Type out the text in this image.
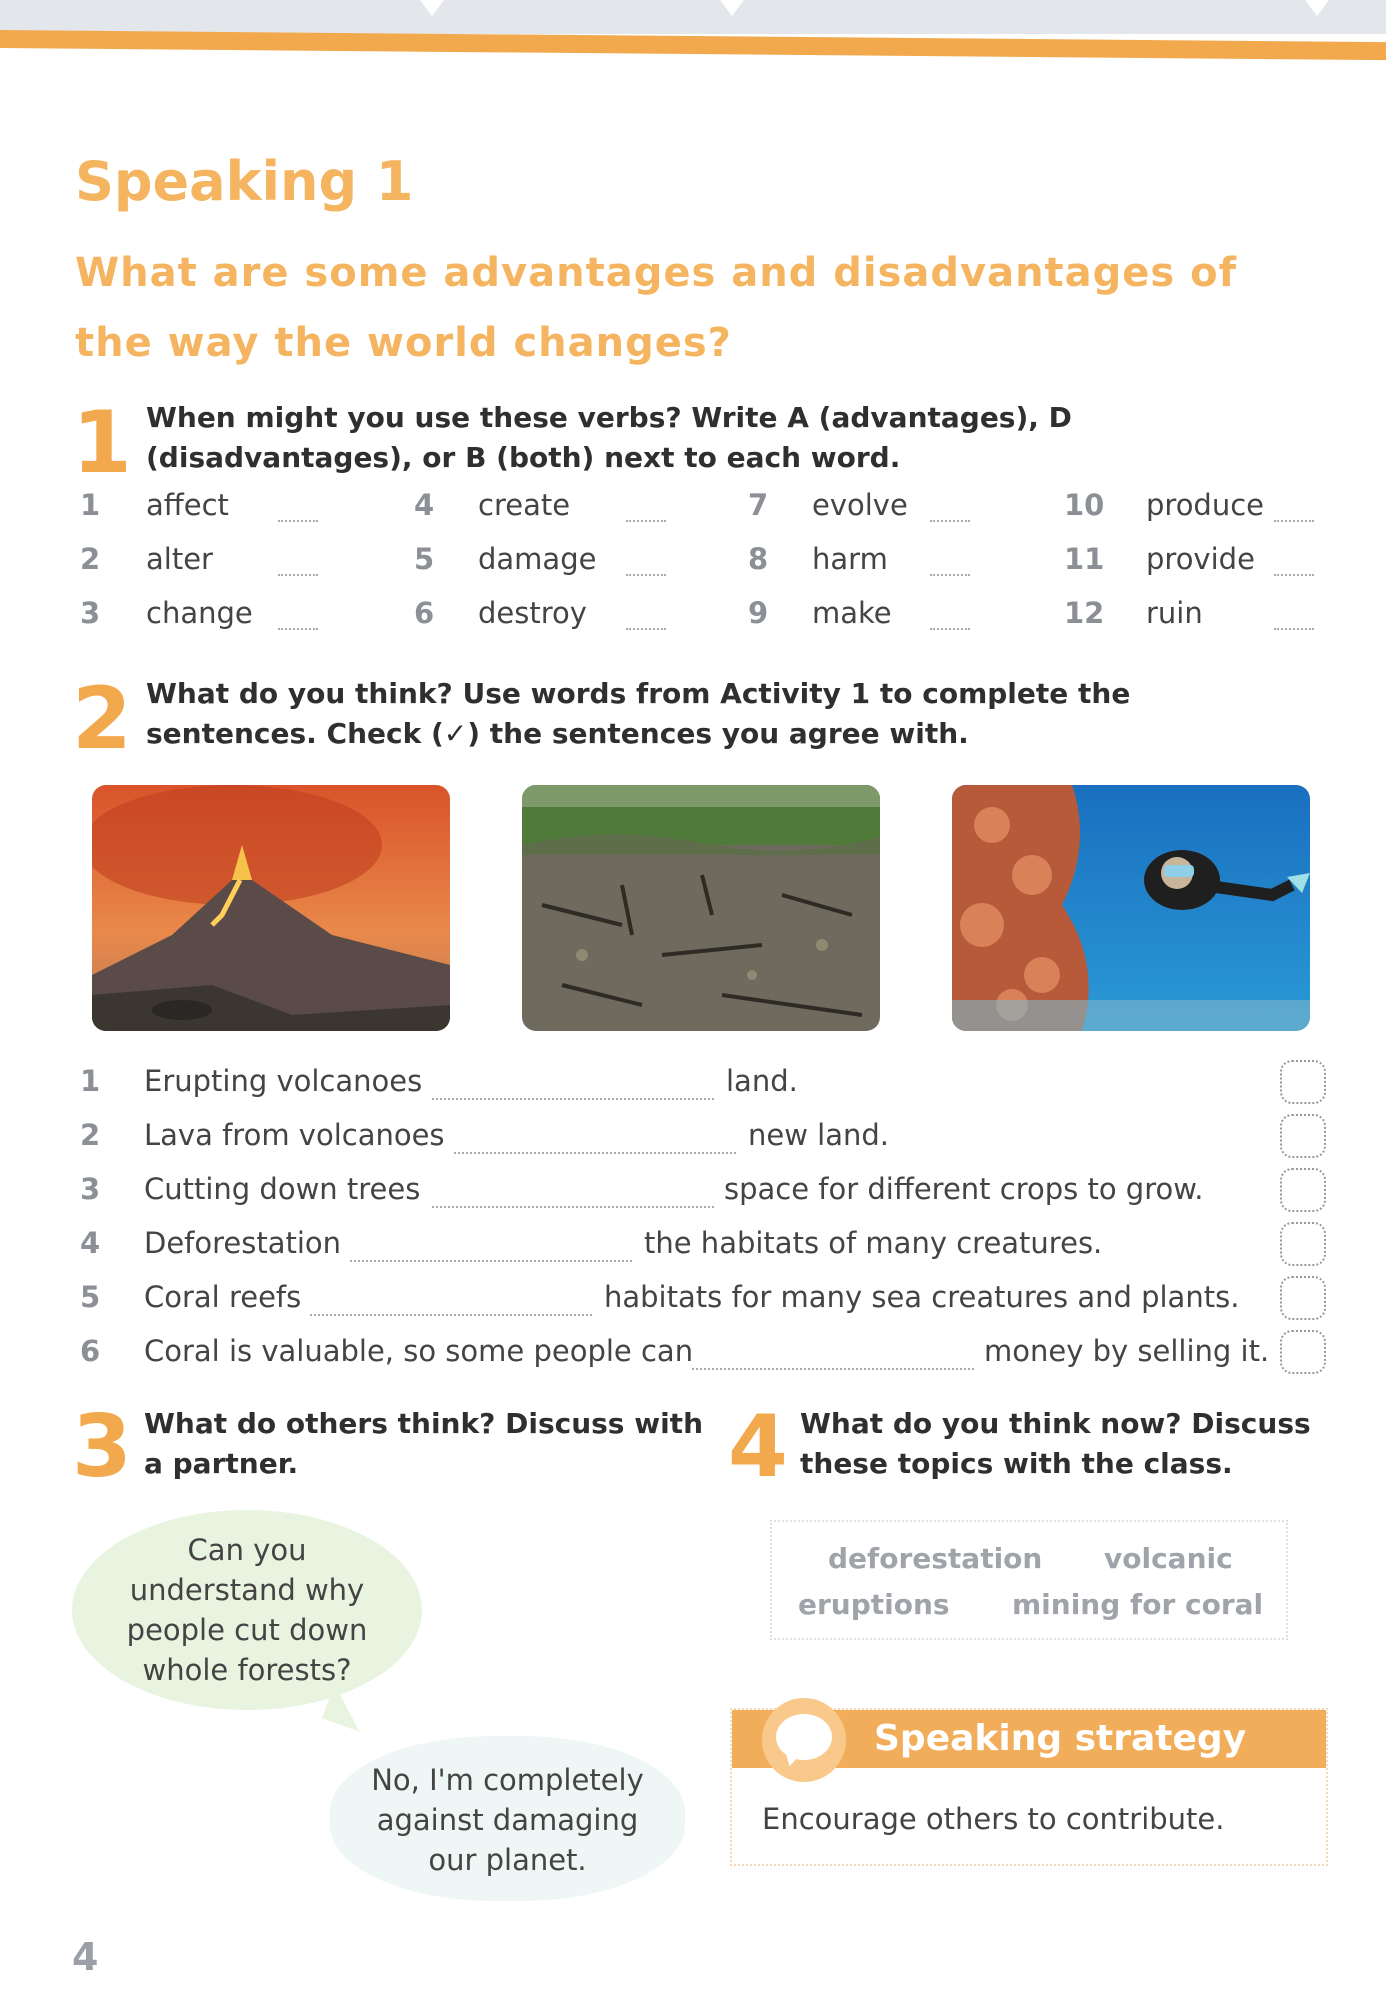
Speaking 1
What are some advantages and disadvantages of the way the world changes?
1 When might you use these verbs? Write A (advantages), D (disadvantages), or B (both) next to each word.
1 affect
2 alter
3 change
4 create
5 damage
6 destroy
7 evolve
8 harm
9 make
10 produce
11 provide
12 ruin
2 What do you think? Use words from Activity 1 to complete the sentences. Check (✓) the sentences you agree with.
1 Erupting volcanoes	land.
2 Lava from volcanoes	new land.
3 Cutting down trees	space for different crops to grow.
4 Deforestation	the habitats of many creatures.
5 Coral reefs	habitats for many sea creatures and plants.
6 Coral is valuable, so some people can	money by selling it.
3 What do others think? Discuss with a partner.
Can you
understand why
people cut down
whole forests?
No, I'm completely
against damaging
our planet.
4 What do you think now? Discuss these topics with the class.
deforestation volcanic
eruptions mining for coral
Speaking strategy
Encourage others to contribute.
4
